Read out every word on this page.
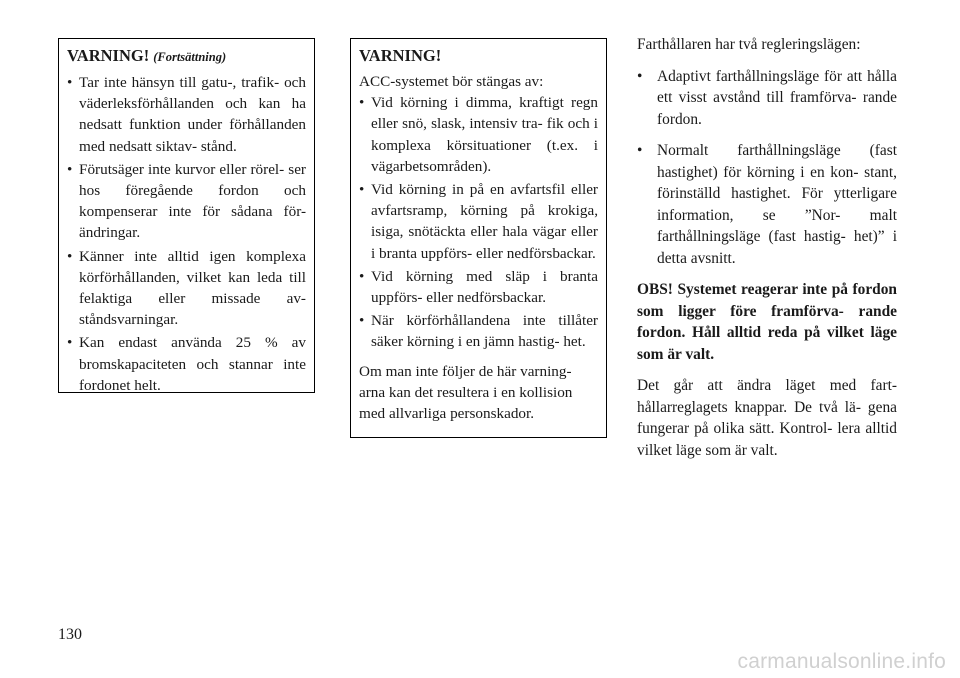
VARNING! (Fortsättning)
• Tar inte hänsyn till gatu-, trafik- och väderleksförhållanden och kan ha nedsatt funktion under förhållanden med nedsatt siktav- stånd.
• Förutsäger inte kurvor eller rörel- ser hos föregående fordon och kompenserar inte för sådana för- ändringar.
• Känner inte alltid igen komplexa körförhållanden, vilket kan leda till felaktiga eller missade av- ståndsvarningar.
• Kan endast använda 25 % av bromskapaciteten och stannar inte fordonet helt.
VARNING!

ACC-systemet bör stängas av:

• Vid körning i dimma, kraftigt regn eller snö, slask, intensiv tra- fik och i komplexa körsituationer (t.ex. i vägarbetsområden).
• Vid körning in på en avfartsfil eller avfartsramp, körning på krokiga, isiga, snötäckta eller hala vägar eller i branta uppförs- eller nedförsbackar.
• Vid körning med släp i branta uppförs- eller nedförsbackar.
• När körförhållandena inte tillåter säker körning i en jämn hastig- het.

Om man inte följer de här varning- arna kan det resultera i en kollision med allvarliga personskador.

Farthållaren har två regleringslägen:

• Adaptivt farthållningsläge för att hålla ett visst avstånd till framförva- rande fordon.
• Normalt farthållningsläge (fast hastighet) för körning i en kon- stant, förinställd hastighet. För ytterligare information, se ”Nor- malt farthållningsläge (fast hastig- het)” i detta avsnitt.

OBS! Systemet reagerar inte på fordon som ligger före framförva- rande fordon. Håll alltid reda på vilket läge som är valt.

Det går att ändra läget med fart- hållarreglagets knappar. De två lä- gena fungerar på olika sätt. Kontrol- lera alltid vilket läge som är valt.

130
carmanualsonline.info
